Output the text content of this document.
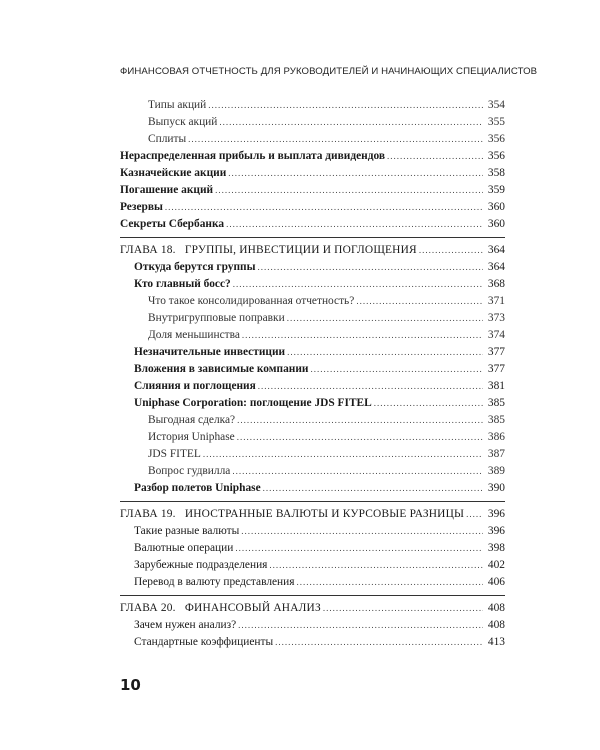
ФИНАНСОВАЯ ОТЧЕТНОСТЬ ДЛЯ РУКОВОДИТЕЛЕЙ И НАЧИНАЮЩИХ СПЕЦИАЛИСТОВ
Типы акций .....	354
Выпуск акций .....	355
Сплиты .....	356
Нераспределенная прибыль и выплата дивидендов .....	356
Казначейские акции .....	358
Погашение акций .....	359
Резервы .....	360
Секреты Сбербанка .....	360
ГЛАВА 18.   ГРУППЫ, ИНВЕСТИЦИИ И ПОГЛОЩЕНИЯ .....	364
Откуда берутся группы .....	364
Кто главный босс? .....	368
Что такое консолидированная отчетность? .....	371
Внутригрупповые поправки .....	373
Доля меньшинства .....	374
Незначительные инвестиции .....	377
Вложения в зависимые компании .....	377
Слияния и поглощения .....	381
Uniphase Corporation: поглощение JDS FITEL .....	385
Выгодная сделка? .....	385
История Uniphase .....	386
JDS FITEL .....	387
Вопрос гудвилла .....	389
Разбор полетов Uniphase .....	390
ГЛАВА 19.   ИНОСТРАННЫЕ ВАЛЮТЫ И КУРСОВЫЕ РАЗНИЦЫ ..... 396
Такие разные валюты .....	396
Валютные операции .....	398
Зарубежные подразделения .....	402
Перевод в валюту представления .....	406
ГЛАВА 20.   ФИНАНСОВЫЙ АНАЛИЗ .....	408
Зачем нужен анализ? .....	408
Стандартные коэффициенты .....	413
10
